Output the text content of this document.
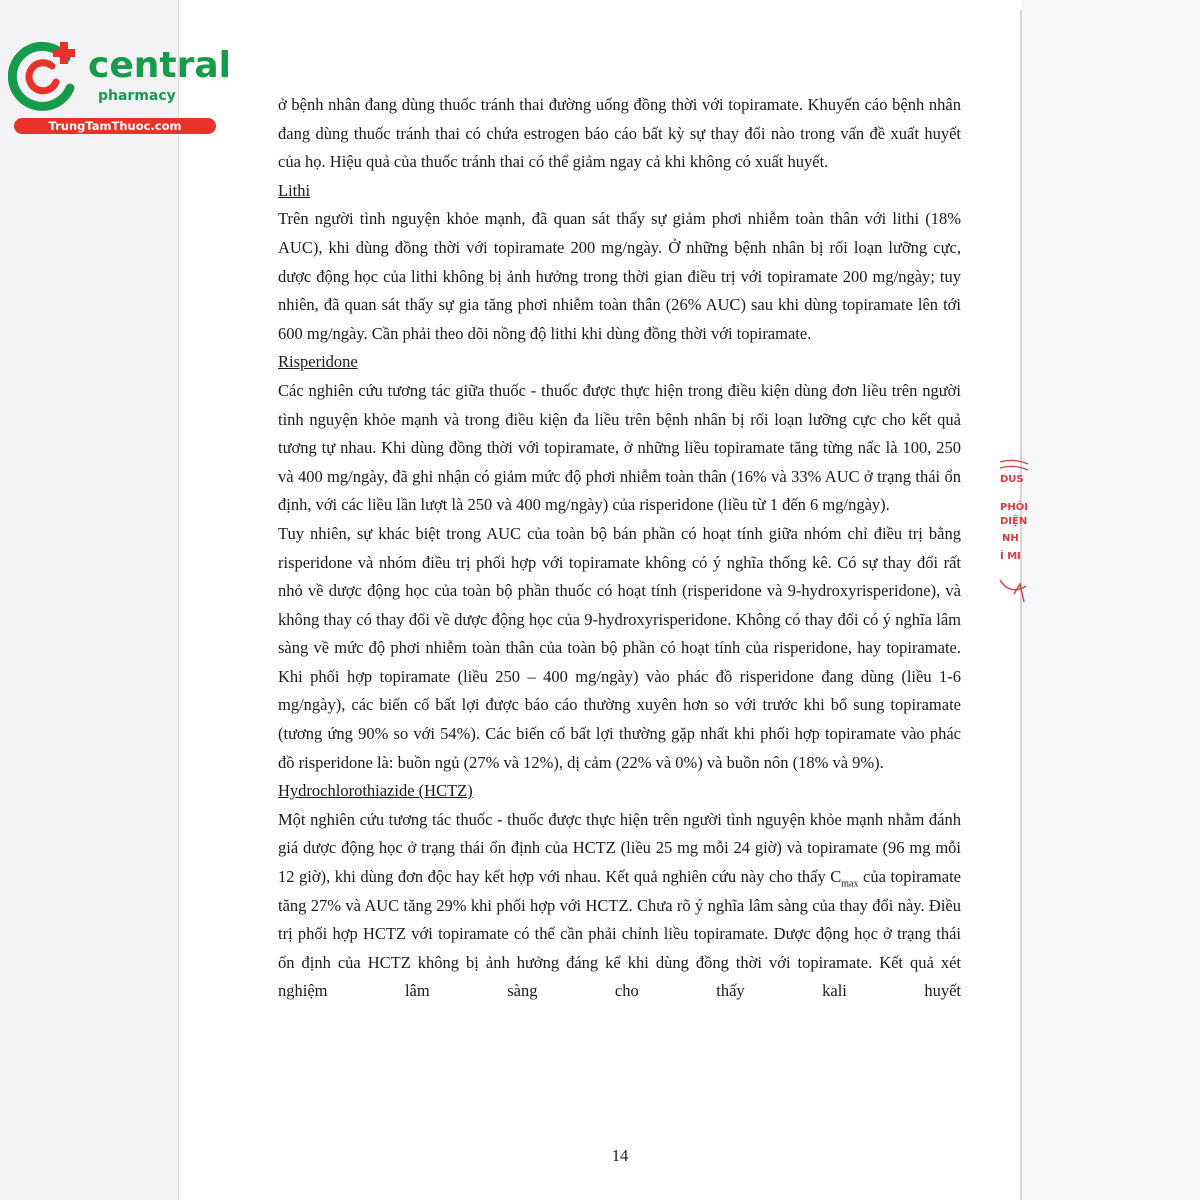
central
pharmacy
TrungTamThuoc.com

ở bệnh nhân đang dùng thuốc tránh thai đường uống đồng thời với topiramate. Khuyến cáo bệnh nhân đang dùng thuốc tránh thai có chứa estrogen báo cáo bất kỳ sự thay đổi nào trong vấn đề xuất huyết của họ. Hiệu quả của thuốc tránh thai có thể giảm ngay cả khi không có xuất huyết.

Lithi

Trên người tình nguyện khỏe mạnh, đã quan sát thấy sự giảm phơi nhiễm toàn thân với lithi (18% AUC), khi dùng đồng thời với topiramate 200 mg/ngày. Ở những bệnh nhân bị rối loạn lưỡng cực, dược động học của lithi không bị ảnh hưởng trong thời gian điều trị với topiramate 200 mg/ngày; tuy nhiên, đã quan sát thấy sự gia tăng phơi nhiễm toàn thân (26% AUC) sau khi dùng topiramate lên tới 600 mg/ngày. Cần phải theo dõi nồng độ lithi khi dùng đồng thời với topiramate.

Risperidone

Các nghiên cứu tương tác giữa thuốc - thuốc được thực hiện trong điều kiện dùng đơn liều trên người tình nguyện khỏe mạnh và trong điều kiện đa liều trên bệnh nhân bị rối loạn lưỡng cực cho kết quả tương tự nhau. Khi dùng đồng thời với topiramate, ở những liều topiramate tăng từng nấc là 100, 250 và 400 mg/ngày, đã ghi nhận có giảm mức độ phơi nhiễm toàn thân (16% và 33% AUC ở trạng thái ổn định, với các liều lần lượt là 250 và 400 mg/ngày) của risperidone (liều từ 1 đến 6 mg/ngày).

Tuy nhiên, sự khác biệt trong AUC của toàn bộ bán phần có hoạt tính giữa nhóm chỉ điều trị bằng risperidone và nhóm điều trị phối hợp với topiramate không có ý nghĩa thống kê. Có sự thay đổi rất nhỏ về dược động học của toàn bộ phần thuốc có hoạt tính (risperidone và 9-hydroxyrisperidone), và không thay có thay đổi về dược động học của 9-hydroxyrisperidone. Không có thay đổi có ý nghĩa lâm sàng về mức độ phơi nhiễm toàn thân của toàn bộ phần có hoạt tính của risperidone, hay topiramate. Khi phối hợp topiramate (liều 250 – 400 mg/ngày) vào phác đồ risperidone đang dùng (liều 1-6 mg/ngày), các biến cố bất lợi được báo cáo thường xuyên hơn so với trước khi bổ sung topiramate (tương ứng 90% so với 54%). Các biến cố bất lợi thường gặp nhất khi phối hợp topiramate vào phác đồ risperidone là: buồn ngủ (27% và 12%), dị cảm (22% và 0%) và buồn nôn (18% và 9%).

Hydrochlorothiazide (HCTZ)

Một nghiên cứu tương tác thuốc - thuốc được thực hiện trên người tình nguyện khỏe mạnh nhằm đánh giá dược động học ở trạng thái ổn định của HCTZ (liều 25 mg mỗi 24 giờ) và topiramate (96 mg mỗi 12 giờ), khi dùng đơn độc hay kết hợp với nhau. Kết quả nghiên cứu này cho thấy $C_{max}$ của topiramate tăng 27% và AUC tăng 29% khi phối hợp với HCTZ. Chưa rõ ý nghĩa lâm sàng của thay đổi này. Điều trị phối hợp HCTZ với topiramate có thể cần phải chỉnh liều topiramate. Dược động học ở trạng thái ổn định của HCTZ không bị ảnh hưởng đáng kể khi dùng đồng thời với topiramate. Kết quả xét nghiệm lâm sàng cho thấy kali huyết

14
DUS
PHÒI
DIỆN
NH
Í MI
